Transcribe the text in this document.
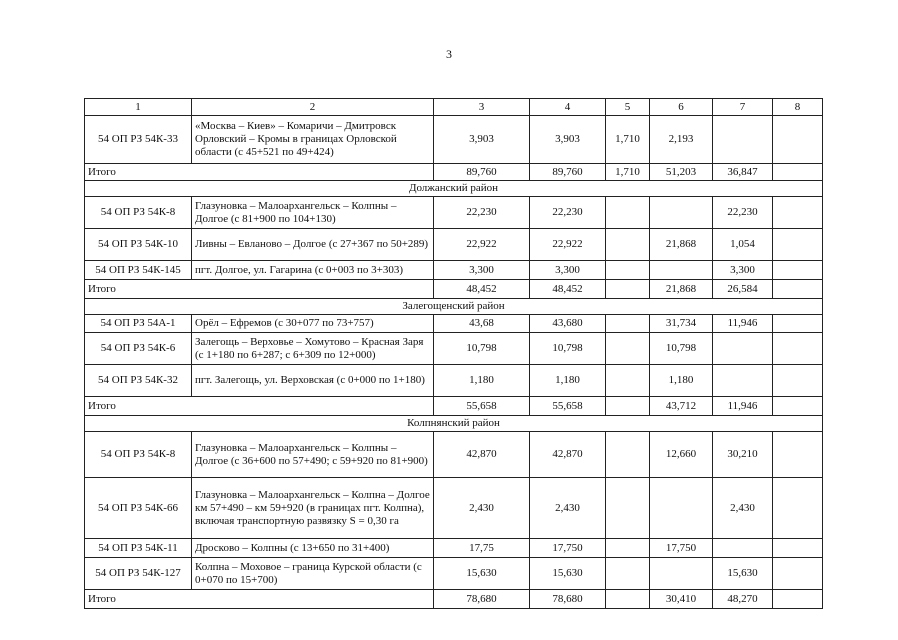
3
1	2	3	4	5	6	7	8
54 ОП РЗ 54К-33	«Москва – Киев» – Комаричи – Дмитровск Орловский – Кромы в границах Орловской области (с 45+521 по 49+424)	3,903	3,903	1,710	2,193		
Итого		89,760	89,760	1,710	51,203	36,847	
Должанский район							
54 ОП РЗ 54К-8	Глазуновка – Малоархангельск – Колпны – Долгое (с 81+900 по 104+130)	22,230	22,230			22,230	
54 ОП РЗ 54К-10	Ливны – Евланово – Долгое (с 27+367 по 50+289)	22,922	22,922		21,868	1,054	
54 ОП РЗ 54К-145	пгт. Долгое, ул. Гагарина (с 0+003 по 3+303)	3,300	3,300			3,300	
Итого		48,452	48,452		21,868	26,584	
Залегощенский район							
54 ОП РЗ 54А-1	Орёл – Ефремов (с 30+077 по 73+757)	43,68	43,680		31,734	11,946	
54 ОП РЗ 54К-6	Залегощь – Верховье – Хомутово – Красная Заря (с 1+180 по 6+287; с 6+309 по 12+000)	10,798	10,798		10,798		
54 ОП РЗ 54К-32	пгт. Залегощь, ул. Верховская (с 0+000 по 1+180)	1,180	1,180		1,180		
Итого		55,658	55,658		43,712	11,946	
Колпнянский район							
54 ОП РЗ 54К-8	Глазуновка – Малоархангельск – Колпны – Долгое (с 36+600 по 57+490; с 59+920 по 81+900)	42,870	42,870		12,660	30,210	
54 ОП РЗ 54К-66	Глазуновка – Малоархангельск – Колпна – Долгое км 57+490 – км 59+920 (в границах пгт. Колпна), включая транспортную развязку S = 0,30 га	2,430	2,430			2,430	
54 ОП РЗ 54К-11	Дросково – Колпны (с 13+650 по 31+400)	17,75	17,750		17,750		
54 ОП РЗ 54К-127	Колпна – Моховое – граница Курской области (с 0+070 по 15+700)	15,630	15,630			15,630	
Итого		78,680	78,680		30,410	48,270	
